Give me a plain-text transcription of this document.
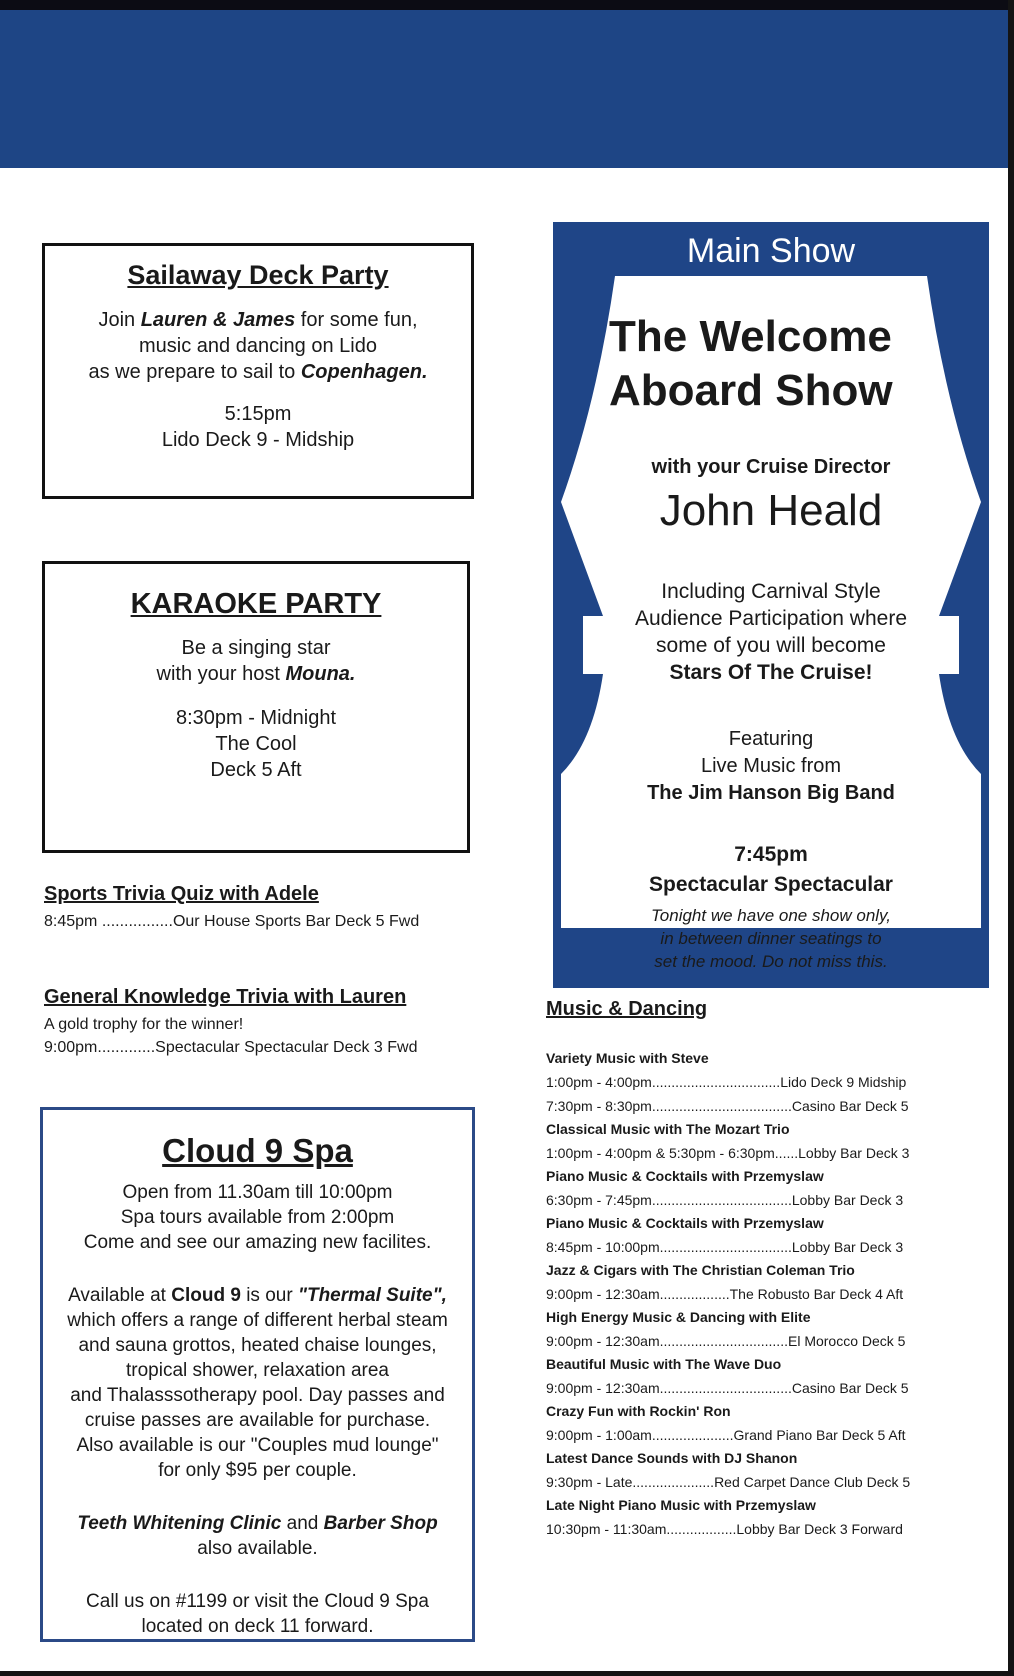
Sailaway Deck Party

Join Lauren & James for some fun,
music and dancing on Lido
as we prepare to sail to Copenhagen.

5:15pm
Lido Deck 9 - Midship

KARAOKE PARTY

Be a singing star
with your host Mouna.

8:30pm - Midnight
The Cool
Deck 5 Aft

Sports Trivia Quiz with Adele
8:45pm ................Our House Sports Bar Deck 5 Fwd
General Knowledge Trivia with Lauren
A gold trophy for the winner!
9:00pm.............Spectacular Spectacular Deck 3 Fwd
Cloud 9 Spa

Open from 11.30am till 10:00pm
Spa tours available from 2:00pm
Come and see our amazing new facilites.

Available at Cloud 9 is our "Thermal Suite",
which offers a range of different herbal steam
and sauna grottos, heated chaise lounges,
tropical shower, relaxation area
and Thalasssotherapy pool. Day passes and
cruise passes are available for purchase.
Also available is our "Couples mud lounge"
for only $95 per couple.

Teeth Whitening Clinic and Barber Shop
also available.

Call us on #1199 or visit the Cloud 9 Spa
located on deck 11 forward.

Main Show
The Welcome
Aboard Show
with your Cruise Director
John Heald
Including Carnival Style
Audience Participation where
some of you will become
Stars Of The Cruise!
Featuring
Live Music from
The Jim Hanson Big Band
7:45pm
Spectacular Spectacular
Tonight we have one show only,
in between dinner seatings to
set the mood. Do not miss this.
Music & Dancing
Variety Music with Steve
1:00pm - 4:00pm.................................Lido Deck 9 Midship
7:30pm - 8:30pm....................................Casino Bar Deck 5
Classical Music with The Mozart Trio
1:00pm - 4:00pm & 5:30pm - 6:30pm......Lobby Bar Deck 3
Piano Music & Cocktails with Przemyslaw
6:30pm - 7:45pm....................................Lobby Bar Deck 3
Piano Music & Cocktails with Przemyslaw
8:45pm - 10:00pm..................................Lobby Bar Deck 3
Jazz & Cigars with The Christian Coleman Trio
9:00pm - 12:30am..................The Robusto Bar Deck 4 Aft
High Energy Music & Dancing with Elite
9:00pm - 12:30am.................................El Morocco Deck 5
Beautiful Music with The Wave Duo
9:00pm - 12:30am..................................Casino Bar Deck 5
Crazy Fun with Rockin' Ron
9:00pm - 1:00am.....................Grand Piano Bar Deck 5 Aft
Latest Dance Sounds with DJ Shanon
9:30pm - Late.....................Red Carpet Dance Club Deck 5
Late Night Piano Music with Przemyslaw
10:30pm - 11:30am..................Lobby Bar Deck 3 Forward
